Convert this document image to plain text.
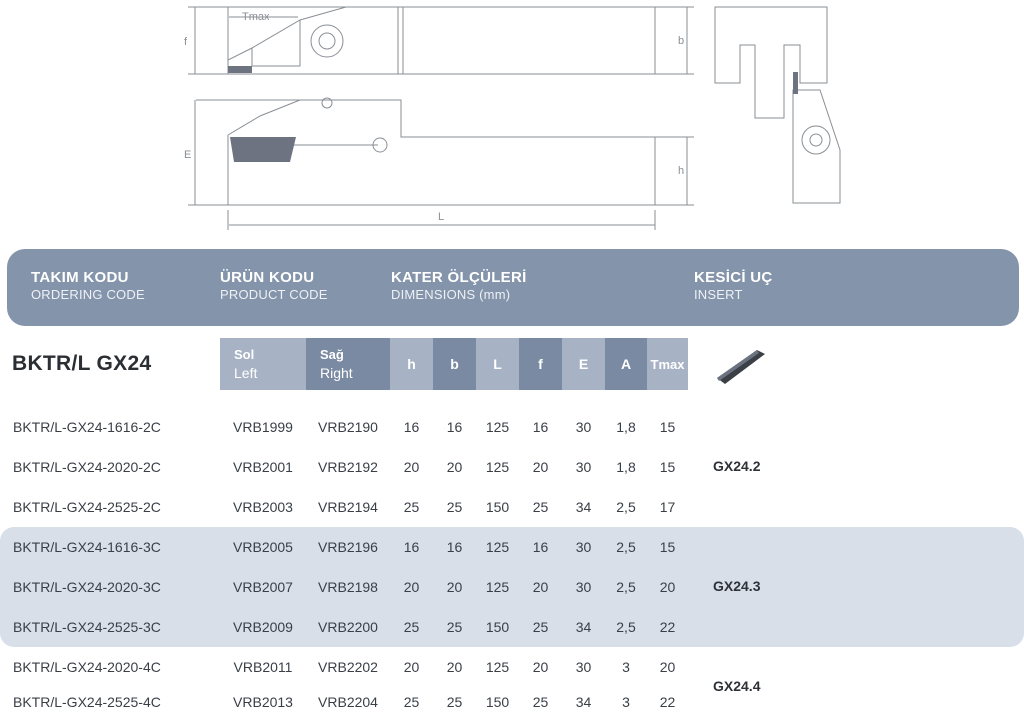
Tmax
f	b
E
h
L
TAKIM KODU
ORDERING CODE
ÜRÜN KODU
PRODUCT CODE
KATER ÖLÇÜLERİ
DIMENSIONS (mm)
KESİCİ UÇ
INSERT
BKTR/L GX24	Sol
Left
Sağ
Right
h	b	L	f	E	A	Tmax
BKTR/L-GX24-1616-2C	VRB1999	VRB2190	16	16	125	16	30	1,8	15
BKTR/L-GX24-2020-2C	VRB2001	VRB2192	20	20	125	20	30	1,8	15
BKTR/L-GX24-2525-2C	VRB2003	VRB2194	25	25	150	25	34	2,5	17
BKTR/L-GX24-1616-3C	VRB2005	VRB2196	16	16	125	16	30	2,5	15
BKTR/L-GX24-2020-3C	VRB2007	VRB2198	20	20	125	20	30	2,5	20
BKTR/L-GX24-2525-3C	VRB2009	VRB2200	25	25	150	25	34	2,5	22
BKTR/L-GX24-2020-4C	VRB2011	VRB2202	20	20	125	20	30	3	20
BKTR/L-GX24-2525-4C	VRB2013	VRB2204	25	25	150	25	34	3	22
GX24.2
GX24.3
GX24.4
